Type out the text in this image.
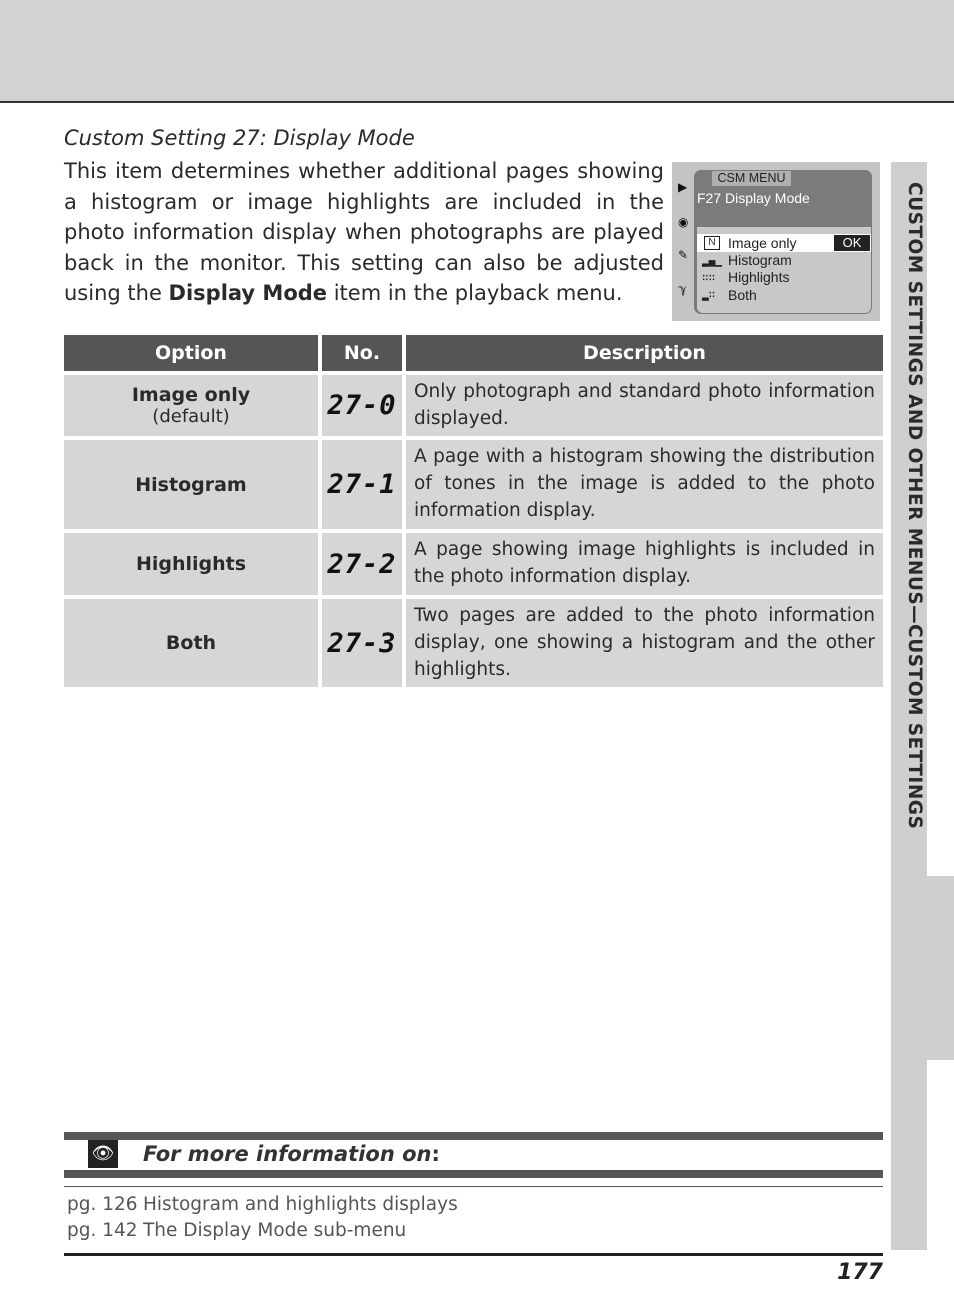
CUSTOM SETTINGS AND OTHER MENUS—CUSTOM SETTINGS
Custom Setting 27: Display Mode
This item determines whether additional pages showing a histogram or image highlights are included in the photo information display when photographs are played back in the monitor. This setting can also be adjusted using the Display Mode item in the playback menu.
▶
◉
✎
ℽ
CSM MENU
F27 Display Mode
N Image only	OK
▂▄▁ Histogram
∷∷ Highlights
▂∷ Both
Option	No.	Description
Image only
(default)	27-0 Only photograph and standard photo information displayed.
Histogram	27-1
A page with a histogram showing the distribution of tones in the image is added to the photo information display.
Highlights	27-2 A page showing image highlights is included in the photo information display.
Both	27-3
Two pages are added to the photo information display, one showing a histogram and the other highlights.
👁 For more information on:
pg. 126 Histogram and highlights displays
pg. 142 The Display Mode sub-menu
177
